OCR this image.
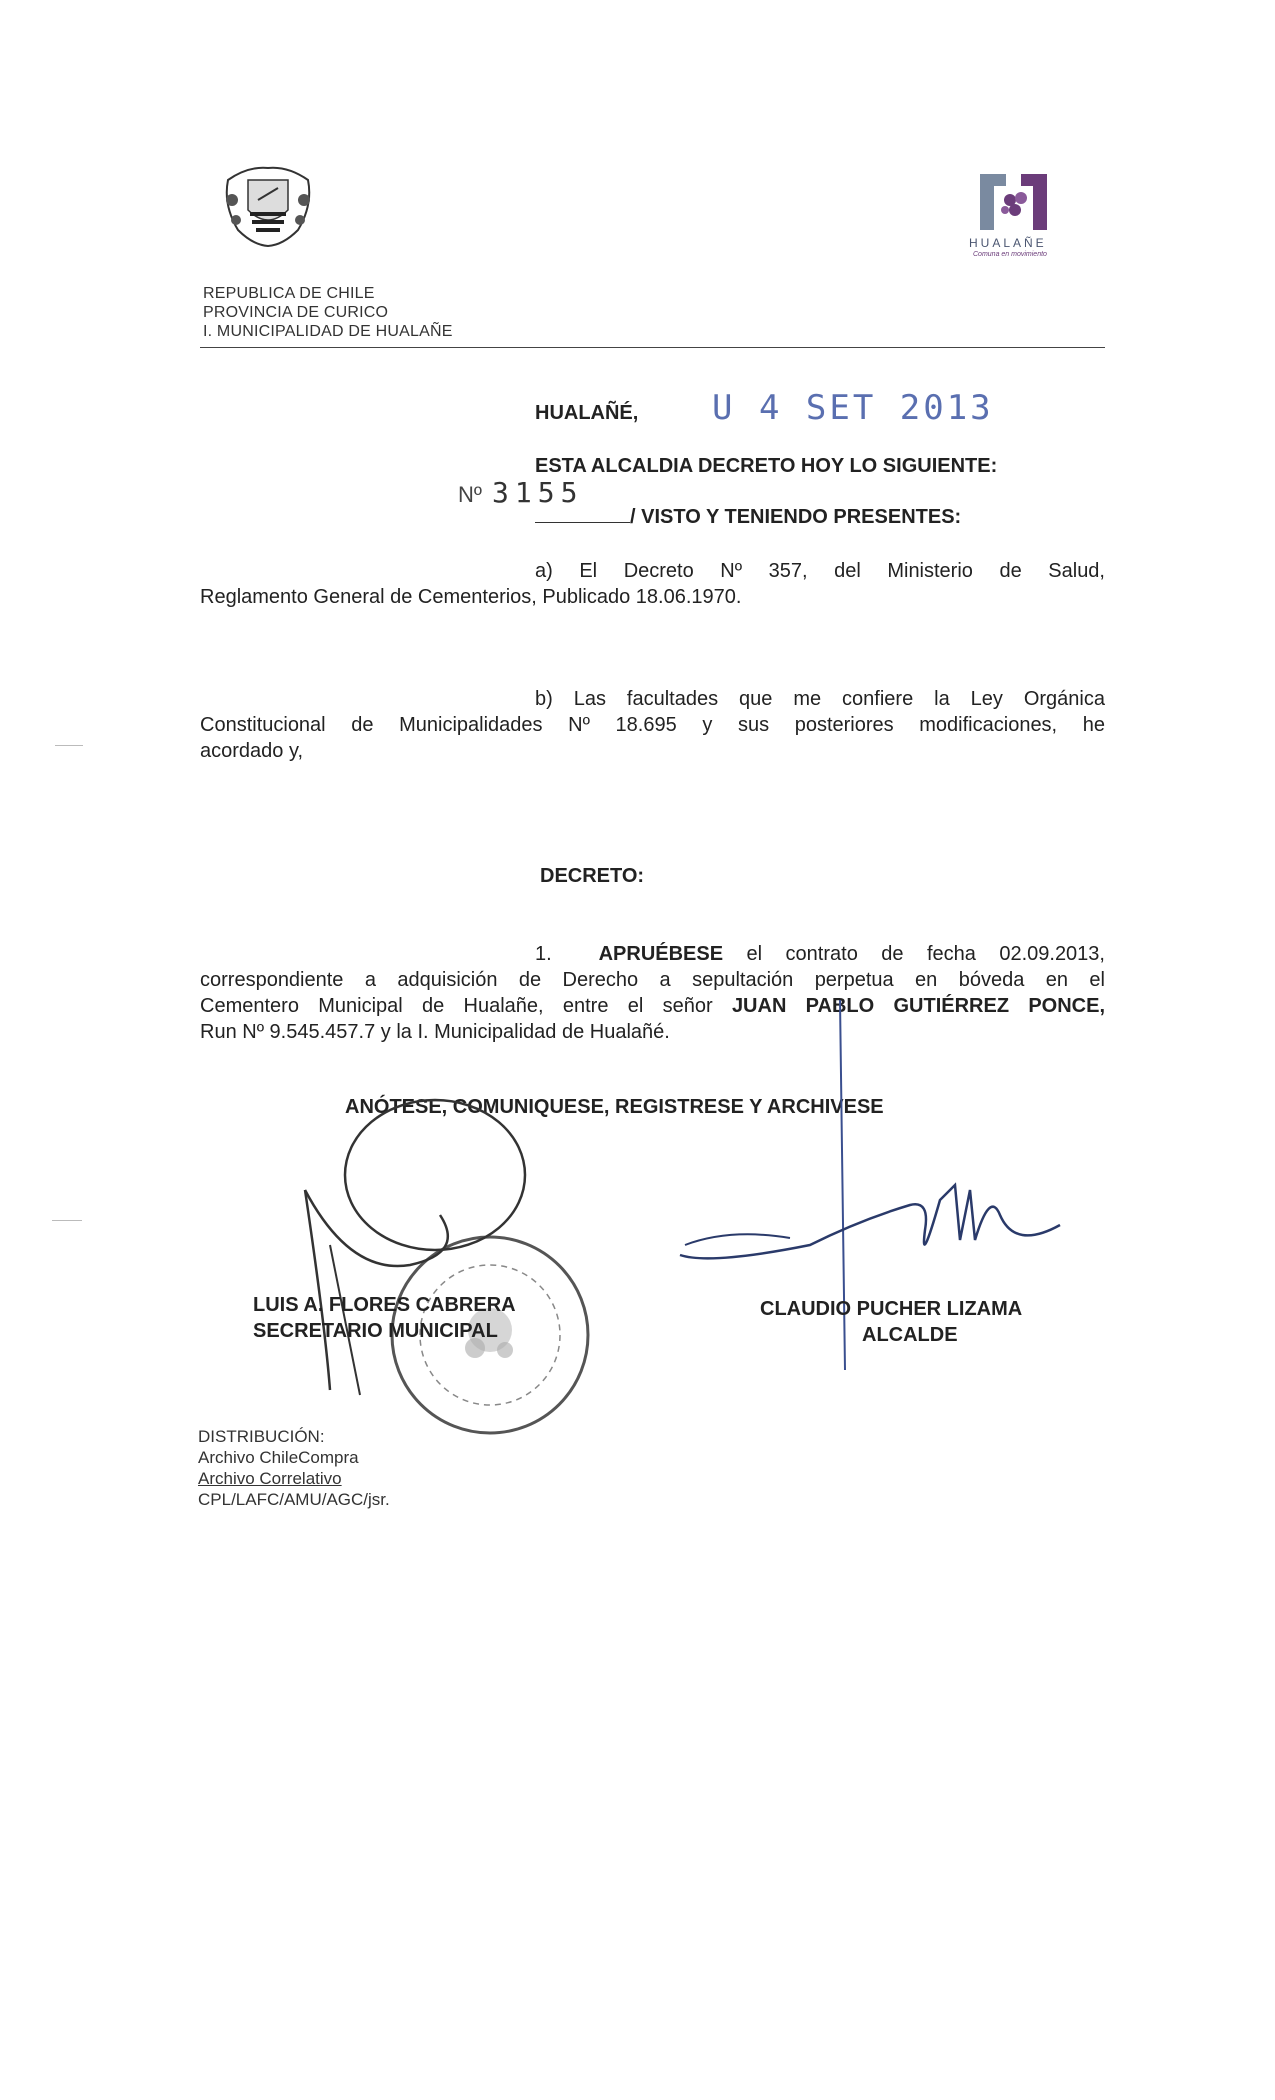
HUALAÑE
Comuna en movimiento
REPUBLICA DE CHILE
PROVINCIA DE CURICO
I. MUNICIPALIDAD DE HUALAÑE
HUALAÑÉ, U 4 SET 2013
ESTA ALCALDIA DECRETO HOY LO SIGUIENTE:
Nº 3155
/ VISTO Y TENIENDO PRESENTES:
a) El Decreto Nº 357, del Ministerio de Salud,
Reglamento General de Cementerios, Publicado 18.06.1970.
b) Las facultades que me confiere la Ley Orgánica
Constitucional de Municipalidades Nº 18.695 y sus posteriores modificaciones, he
acordado y,
DECRETO:
1. APRUÉBESE el contrato de fecha 02.09.2013,
correspondiente a adquisición de Derecho a sepultación perpetua en bóveda en el
Cementero Municipal de Hualañe, entre el señor JUAN PABLO GUTIÉRREZ PONCE,
Run Nº 9.545.457.7 y la I. Municipalidad de Hualañé.
ANÓTESE, COMUNIQUESE, REGISTRESE Y ARCHIVESE
LUIS A. FLORES CABRERA
SECRETARIO MUNICIPAL
CLAUDIO PUCHER LIZAMA
ALCALDE
DISTRIBUCIÓN:
Archivo ChileCompra
Archivo Correlativo
CPL/LAFC/AMU/AGC/jsr.
